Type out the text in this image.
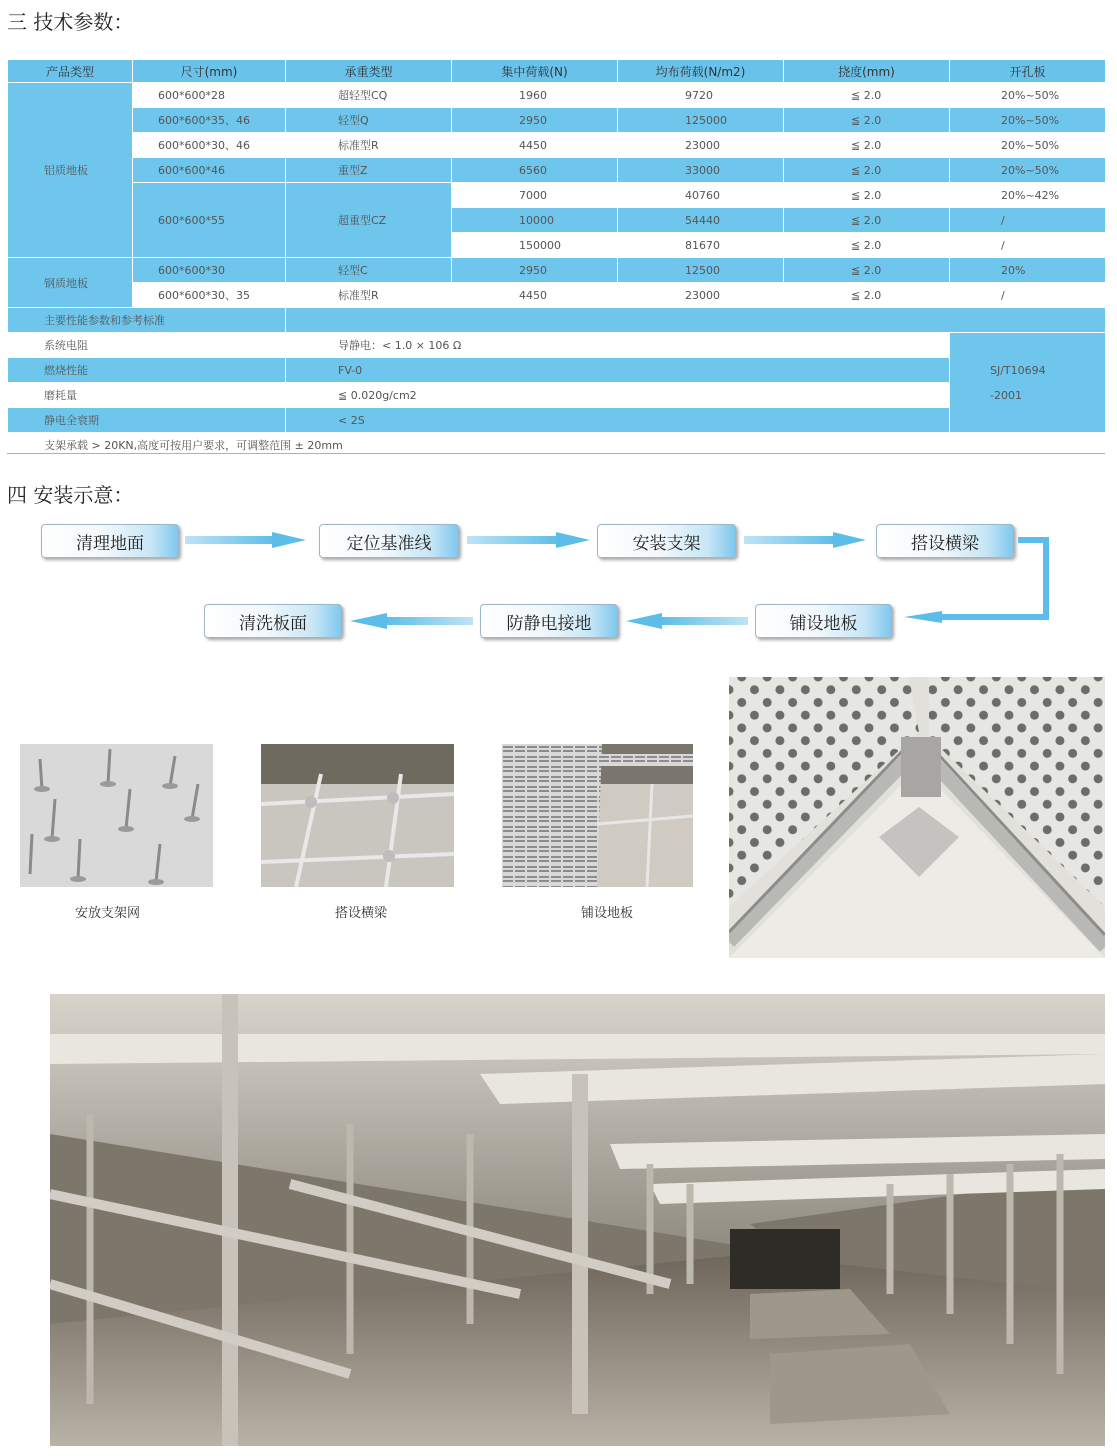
三 技术参数：
产品类型	尺寸(mm)	承重类型	集中荷载(N)	均布荷载(N/m2)	挠度(mm)	开孔板
铝质地板	600*600*28	超轻型CQ	1960	9720	≦ 2.0	20%~50%
	600*600*35、46	轻型Q	2950	125000	≦ 2.0	20%~50%
	600*600*30、46	标准型R	4450	23000	≦ 2.0	20%~50%
	600*600*46	重型Z	6560	33000	≦ 2.0	20%~50%
	600*600*55	超重型CZ	7000	40760	≦ 2.0	20%~42%
			10000	54440	≦ 2.0	/
			150000	81670	≦ 2.0	/
钢质地板	600*600*30	轻型C	2950	12500	≦ 2.0	20%
	600*600*30、35	标准型R	4450	23000	≦ 2.0	/
主要性能参数和参考标准						
系统电阻		导静电：< 1.0 × 106 Ω				SJ/T10694
-2001
燃烧性能		FV-0				
磨耗量		≦ 0.020g/cm2				
静电全衰期		< 2S				
支架承载 > 20KN,高度可按用户要求，可调整范围 ± 20mm						
四 安装示意：
清理地面	定位基准线	安装支架	搭设横梁
铺设地板
防静电接地
清洗板面
安放支架网	搭设横梁	铺设地板
